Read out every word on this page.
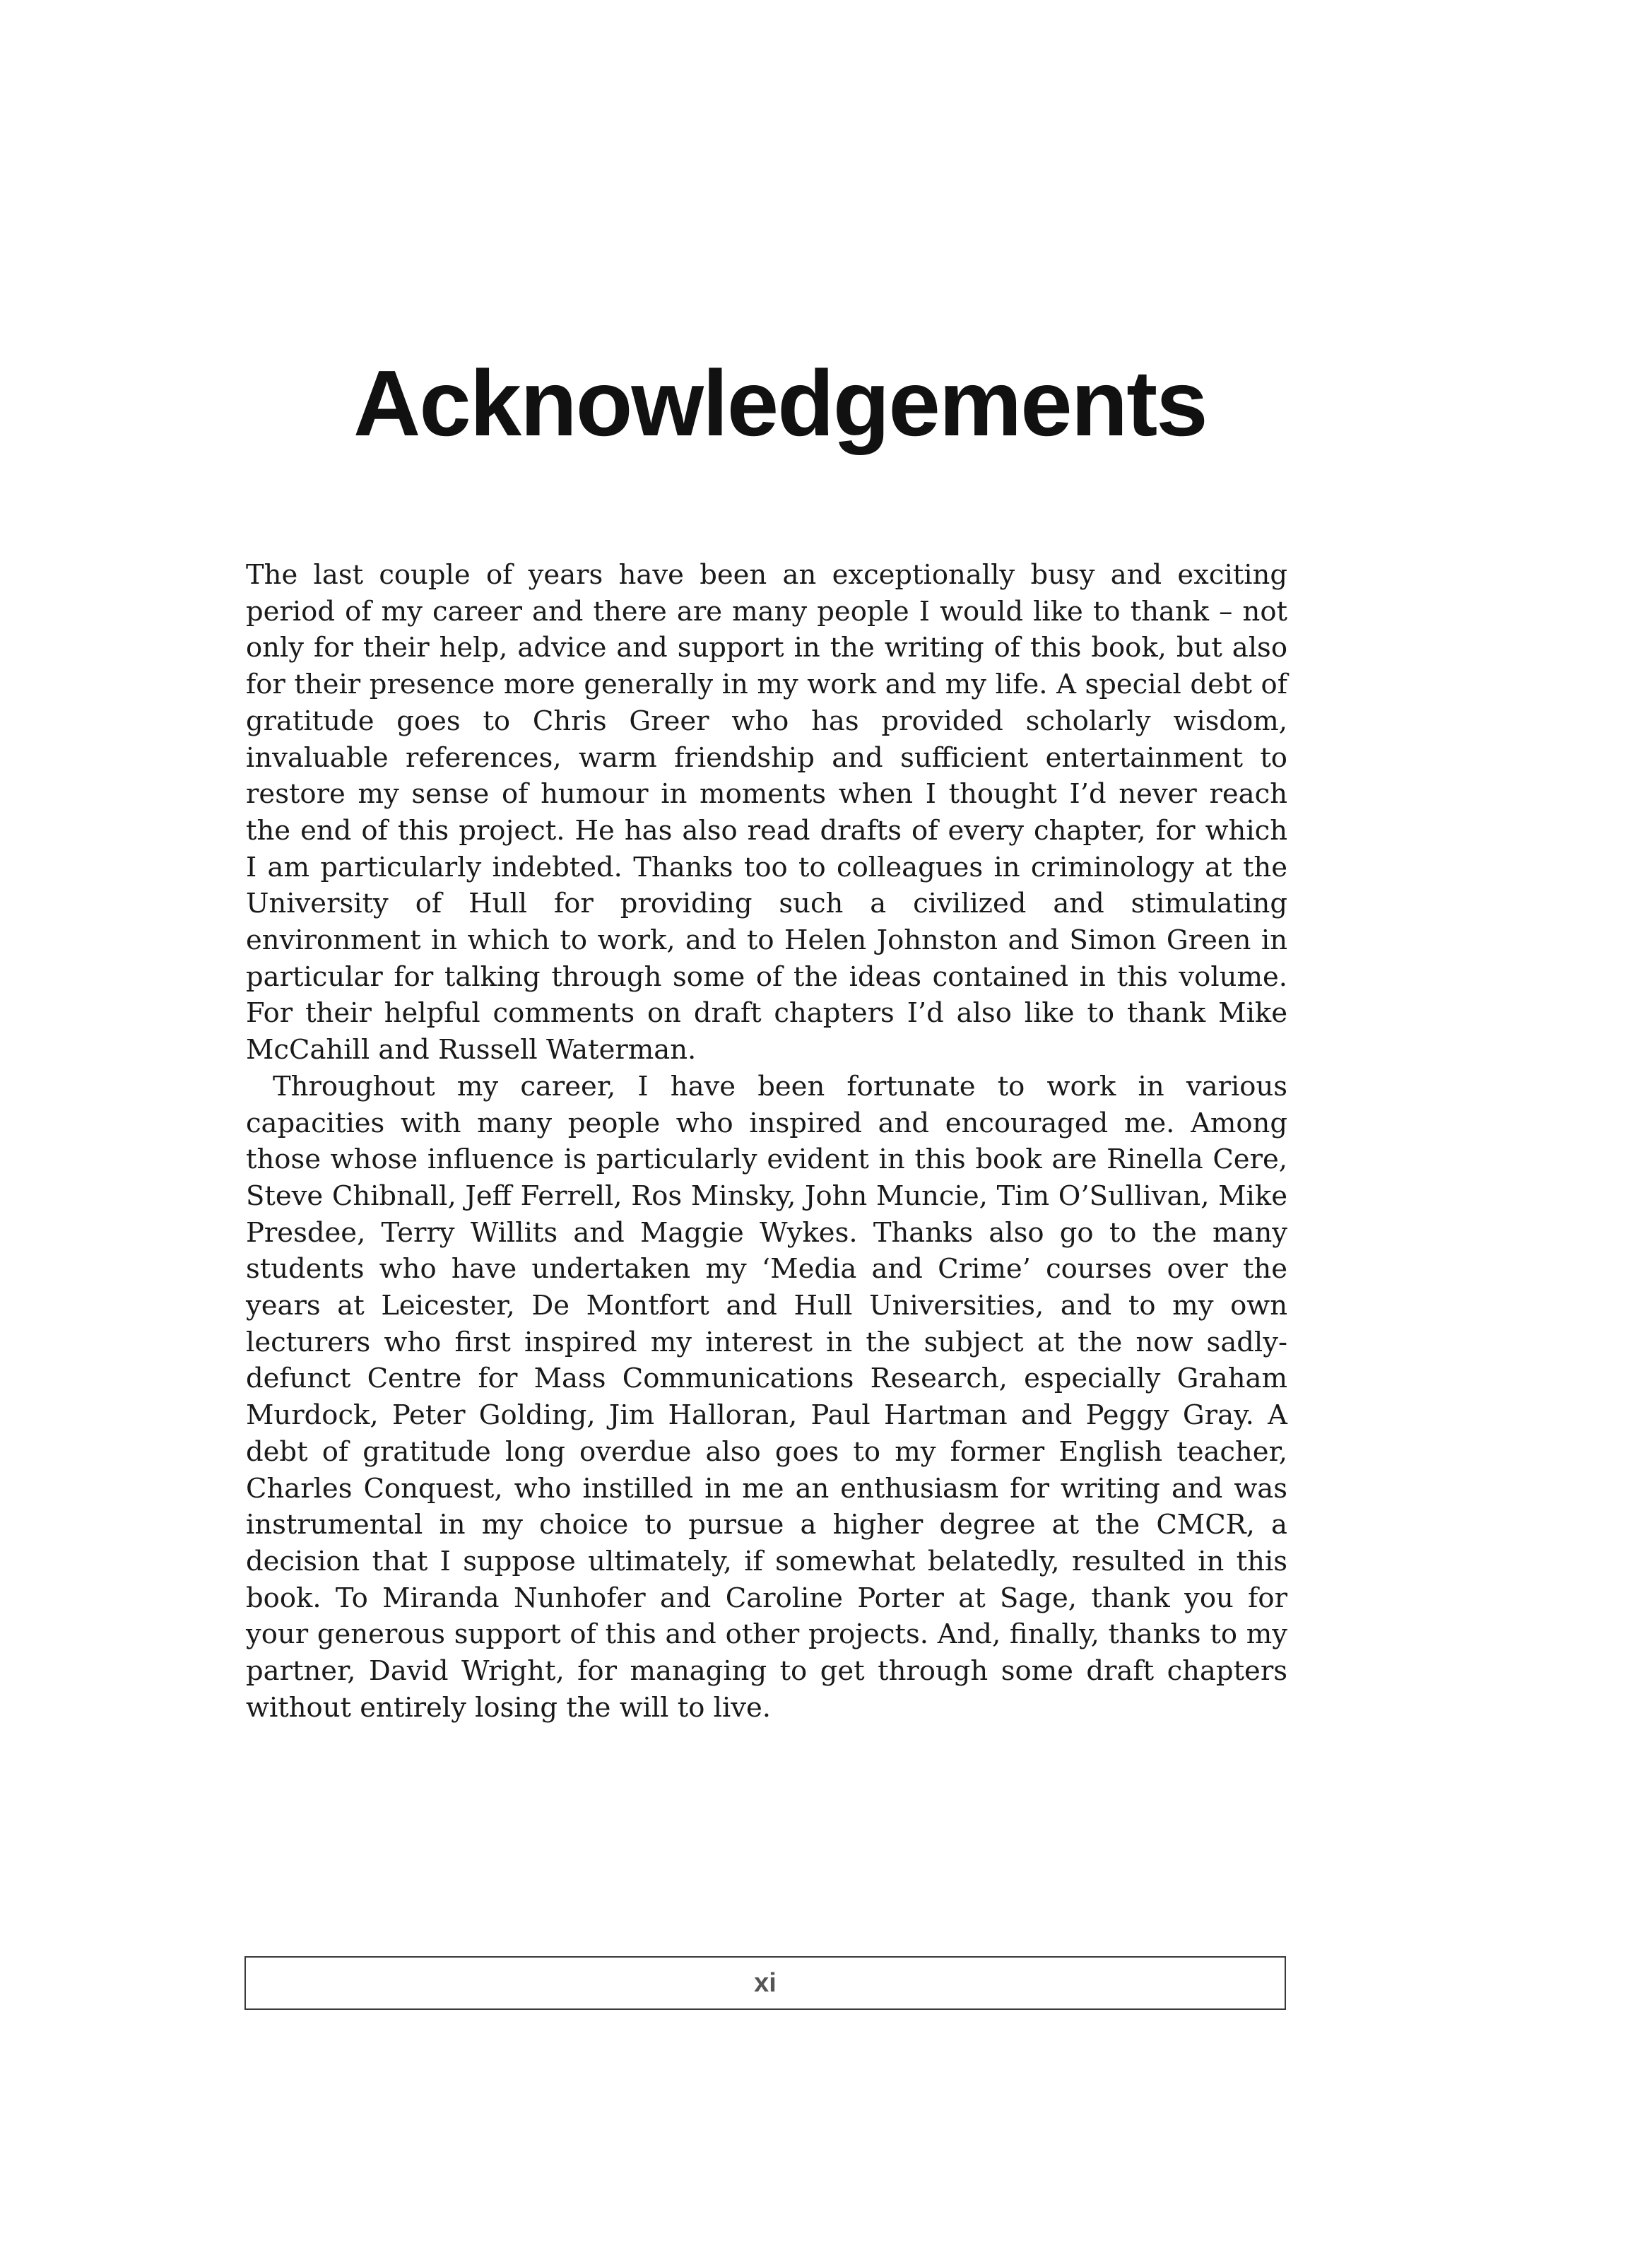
Acknowledgements

The last couple of years have been an exceptionally busy and exciting period of my career and there are many people I would like to thank – not only for their help, advice and support in the writing of this book, but also for their presence more generally in my work and my life. A special debt of gratitude goes to Chris Greer who has provided scholarly wisdom, invaluable references, warm friendship and sufficient entertainment to restore my sense of humour in moments when I thought I’d never reach the end of this project. He has also read drafts of every chapter, for which I am particularly indebted. Thanks too to colleagues in criminology at the University of Hull for providing such a civilized and stimulating environment in which to work, and to Helen Johnston and Simon Green in particular for talking through some of the ideas contained in this volume. For their helpful comments on draft chapters I’d also like to thank Mike McCahill and Russell Waterman.

Throughout my career, I have been fortunate to work in various capacities with many people who inspired and encouraged me. Among those whose influence is particularly evident in this book are Rinella Cere, Steve Chibnall, Jeff Ferrell, Ros Minsky, John Muncie, Tim O’Sullivan, Mike Presdee, Terry Willits and Maggie Wykes. Thanks also go to the many students who have undertaken my ‘Media and Crime’ courses over the years at Leicester, De Montfort and Hull Universities, and to my own lecturers who first inspired my interest in the subject at the now sadly-defunct Centre for Mass Communications Research, especially Graham Murdock, Peter Golding, Jim Halloran, Paul Hartman and Peggy Gray. A debt of gratitude long overdue also goes to my former English teacher, Charles Conquest, who instilled in me an enthusiasm for writing and was instrumental in my choice to pursue a higher degree at the CMCR, a decision that I suppose ultimately, if somewhat belatedly, resulted in this book. To Miranda Nunhofer and Caroline Porter at Sage, thank you for your generous support of this and other projects. And, finally, thanks to my partner, David Wright, for managing to get through some draft chapters without entirely losing the will to live.

xi
